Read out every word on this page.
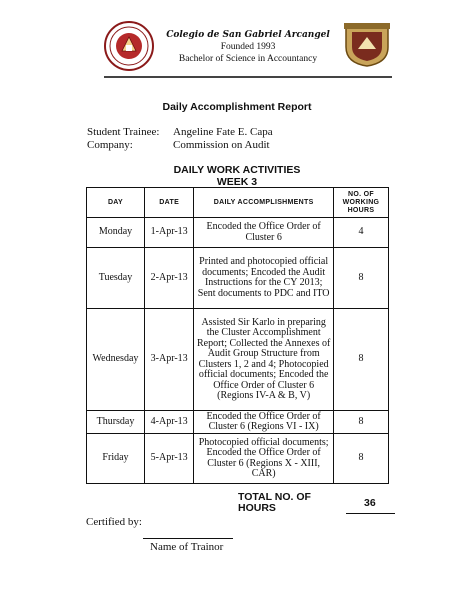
Colegio de San Gabriel Arcangel
Founded 1993
Bachelor of Science in Accountancy
Daily Accomplishment Report
Student Trainee:	Angeline Fate E. Capa
Company:	Commission on Audit
DAILY WORK ACTIVITIES
WEEK 3
DAY	DATE	DAILY ACCOMPLISHMENTS	NO. OF WORKING HOURS
Monday	1-Apr-13	Encoded the Office Order of Cluster 6	4
Tuesday	2-Apr-13	Printed and photocopied official documents; Encoded the Audit Instructions for the CY 2013; Sent documents to PDC and ITO	8
Wednesday	3-Apr-13	Assisted Sir Karlo in preparing the Cluster Accomplishment Report; Collected the Annexes of Audit Group Structure from Clusters 1, 2 and 4; Photocopied official documents; Encoded the Office Order of Cluster 6 (Regions IV-A & B, V)	8
Thursday	4-Apr-13	Encoded the Office Order of Cluster 6 (Regions VI - IX)	8
Friday	5-Apr-13	Photocopied official documents; Encoded the Office Order of Cluster 6 (Regions X - XIII, CAR)	8
TOTAL NO. OF HOURS	36
Certified by:
Name of Trainor
